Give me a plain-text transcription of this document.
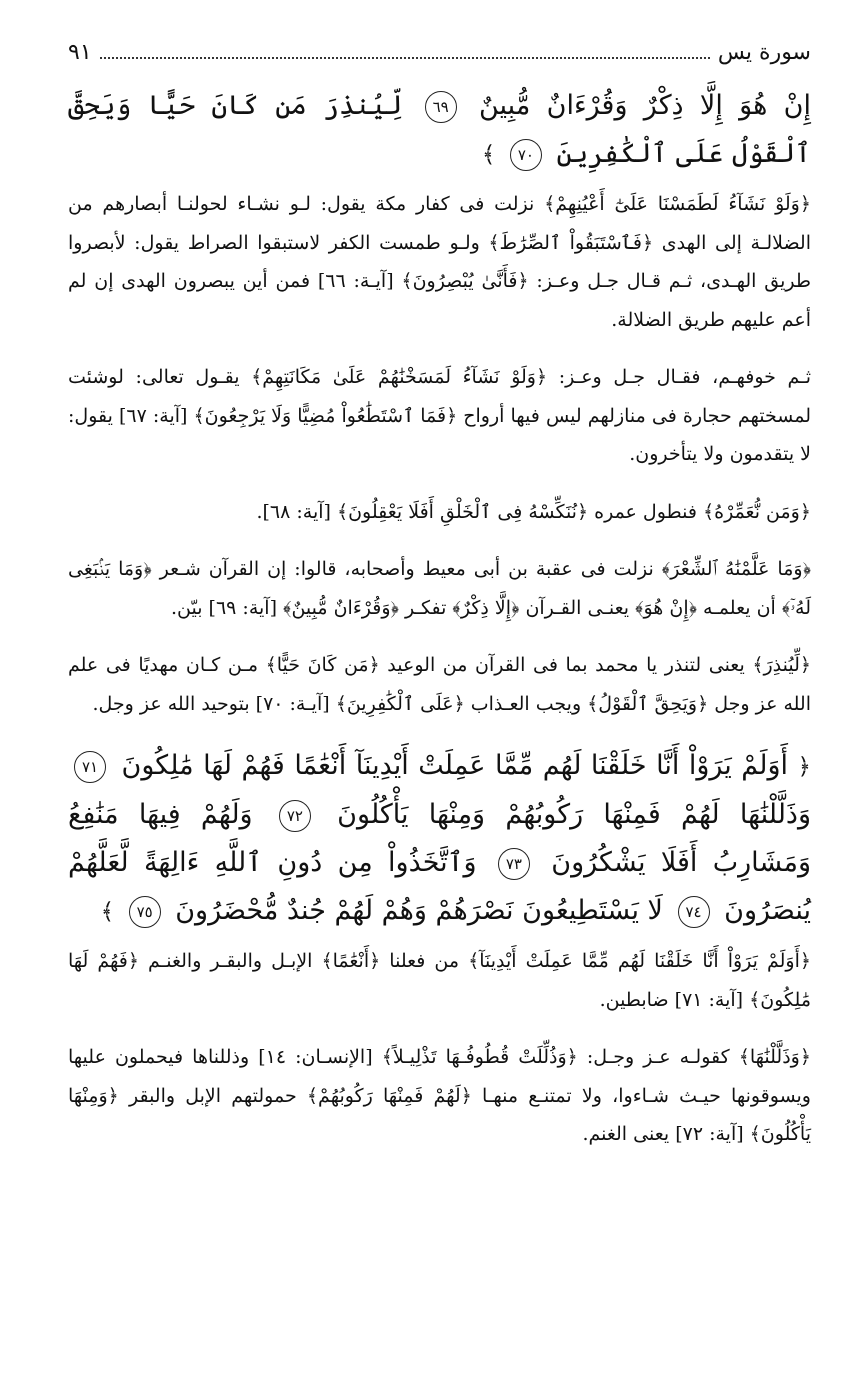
سورة يس
٩١
إِنْ هُوَ إِلَّا ذِكْرٌ وَقُرْءَانٌ مُّبِينٌ ٦٩ لِّيُنذِرَ مَن كَانَ حَيًّا وَيَحِقَّ ٱلْقَوْلُ عَلَى ٱلْكَٰفِرِينَ ٧٠ ﴾

﴿وَلَوْ نَشَآءُ لَطَمَسْنَا عَلَىٰٓ أَعْيُنِهِمْ﴾ نزلت فى كفار مكة يقول: لـو نشـاء لحولنـا أبصارهم من الضلالـة إلى الهدى ﴿فَٱسْتَبَقُواْ ٱلصِّرَٰطَ﴾ ولـو طمست الكفر لاستبقوا الصراط يقول: لأبصروا طريق الهـدى، ثـم قـال جـل وعـز: ﴿فَأَنَّىٰ يُبْصِرُونَ﴾ [آيـة: ٦٦] فمن أين يبصرون الهدى إن لم أعم عليهم طريق الضلالة.

ثـم خوفهـم، فقـال جـل وعـز: ﴿وَلَوْ نَشَآءُ لَمَسَخْنَٰهُمْ عَلَىٰ مَكَانَتِهِمْ﴾ يقـول تعالى: لوشئت لمسختهم حجارة فى منازلهم ليس فيها أرواح ﴿فَمَا ٱسْتَطَٰعُواْ مُضِيًّا وَلَا يَرْجِعُونَ﴾ [آية: ٦٧] يقول: لا يتقدمون ولا يتأخرون.

﴿وَمَن نُّعَمِّرْهُ﴾ فنطول عمره ﴿نُنَكِّسْهُ فِى ٱلْخَلْقِ أَفَلَا يَعْقِلُونَ﴾ [آية: ٦٨].

﴿وَمَا عَلَّمْنَٰهُ ٱلشِّعْرَ﴾ نزلت فى عقبة بن أبى معيط وأصحابه، قالوا: إن القرآن شـعر ﴿وَمَا يَنۢبَغِى لَهُۥٓ﴾ أن يعلمـه ﴿إِنْ هُوَ﴾ يعنـى القـرآن ﴿إِلَّا ذِكْرٌ﴾ تفكـر ﴿وَقُرْءَانٌ مُّبِينٌ﴾ [آية: ٦٩] بيّن.

﴿لِّيُنذِرَ﴾ يعنى لتنذر يا محمد بما فى القرآن من الوعيد ﴿مَن كَانَ حَيًّا﴾ مـن كـان مهديًا فى علم الله عز وجل ﴿وَيَحِقَّ ٱلْقَوْلُ﴾ ويجب العـذاب ﴿عَلَى ٱلْكَٰفِرِينَ﴾ [آيـة: ٧٠] بتوحيد الله عز وجل.

﴿ أَوَلَمْ يَرَوْاْ أَنَّا خَلَقْنَا لَهُم مِّمَّا عَمِلَتْ أَيْدِينَآ أَنْعَٰمًا فَهُمْ لَهَا مَٰلِكُونَ ٧١ وَذَلَّلْنَٰهَا لَهُمْ فَمِنْهَا رَكُوبُهُمْ وَمِنْهَا يَأْكُلُونَ ٧٢ وَلَهُمْ فِيهَا مَنَٰفِعُ وَمَشَارِبُ أَفَلَا يَشْكُرُونَ ٧٣ وَٱتَّخَذُواْ مِن دُونِ ٱللَّهِ ءَالِهَةً لَّعَلَّهُمْ يُنصَرُونَ ٧٤ لَا يَسْتَطِيعُونَ نَصْرَهُمْ وَهُمْ لَهُمْ جُندٌ مُّحْضَرُونَ ٧٥ ﴾

﴿أَوَلَمْ يَرَوْاْ أَنَّا خَلَقْنَا لَهُم مِّمَّا عَمِلَتْ أَيْدِينَآ﴾ من فعلنا ﴿أَنْعَٰمًا﴾ الإبـل والبقـر والغنـم ﴿فَهُمْ لَهَا مَٰلِكُونَ﴾ [آية: ٧١] ضابطين.

﴿وَذَلَّلْنَٰهَا﴾ كقولـه عـز وجـل: ﴿وَذُلِّلَتْ قُطُوفُـهَا تَذْلِيـلاً﴾ [الإنسـان: ١٤] وذللناها فيحملون عليها ويسوقونها حيـث شـاءوا، ولا تمتنـع منهـا ﴿لَهُمْ فَمِنْهَا رَكُوبُهُمْ﴾ حمولتهم الإبل والبقر ﴿وَمِنْهَا يَأْكُلُونَ﴾ [آية: ٧٢] يعنى الغنم.
